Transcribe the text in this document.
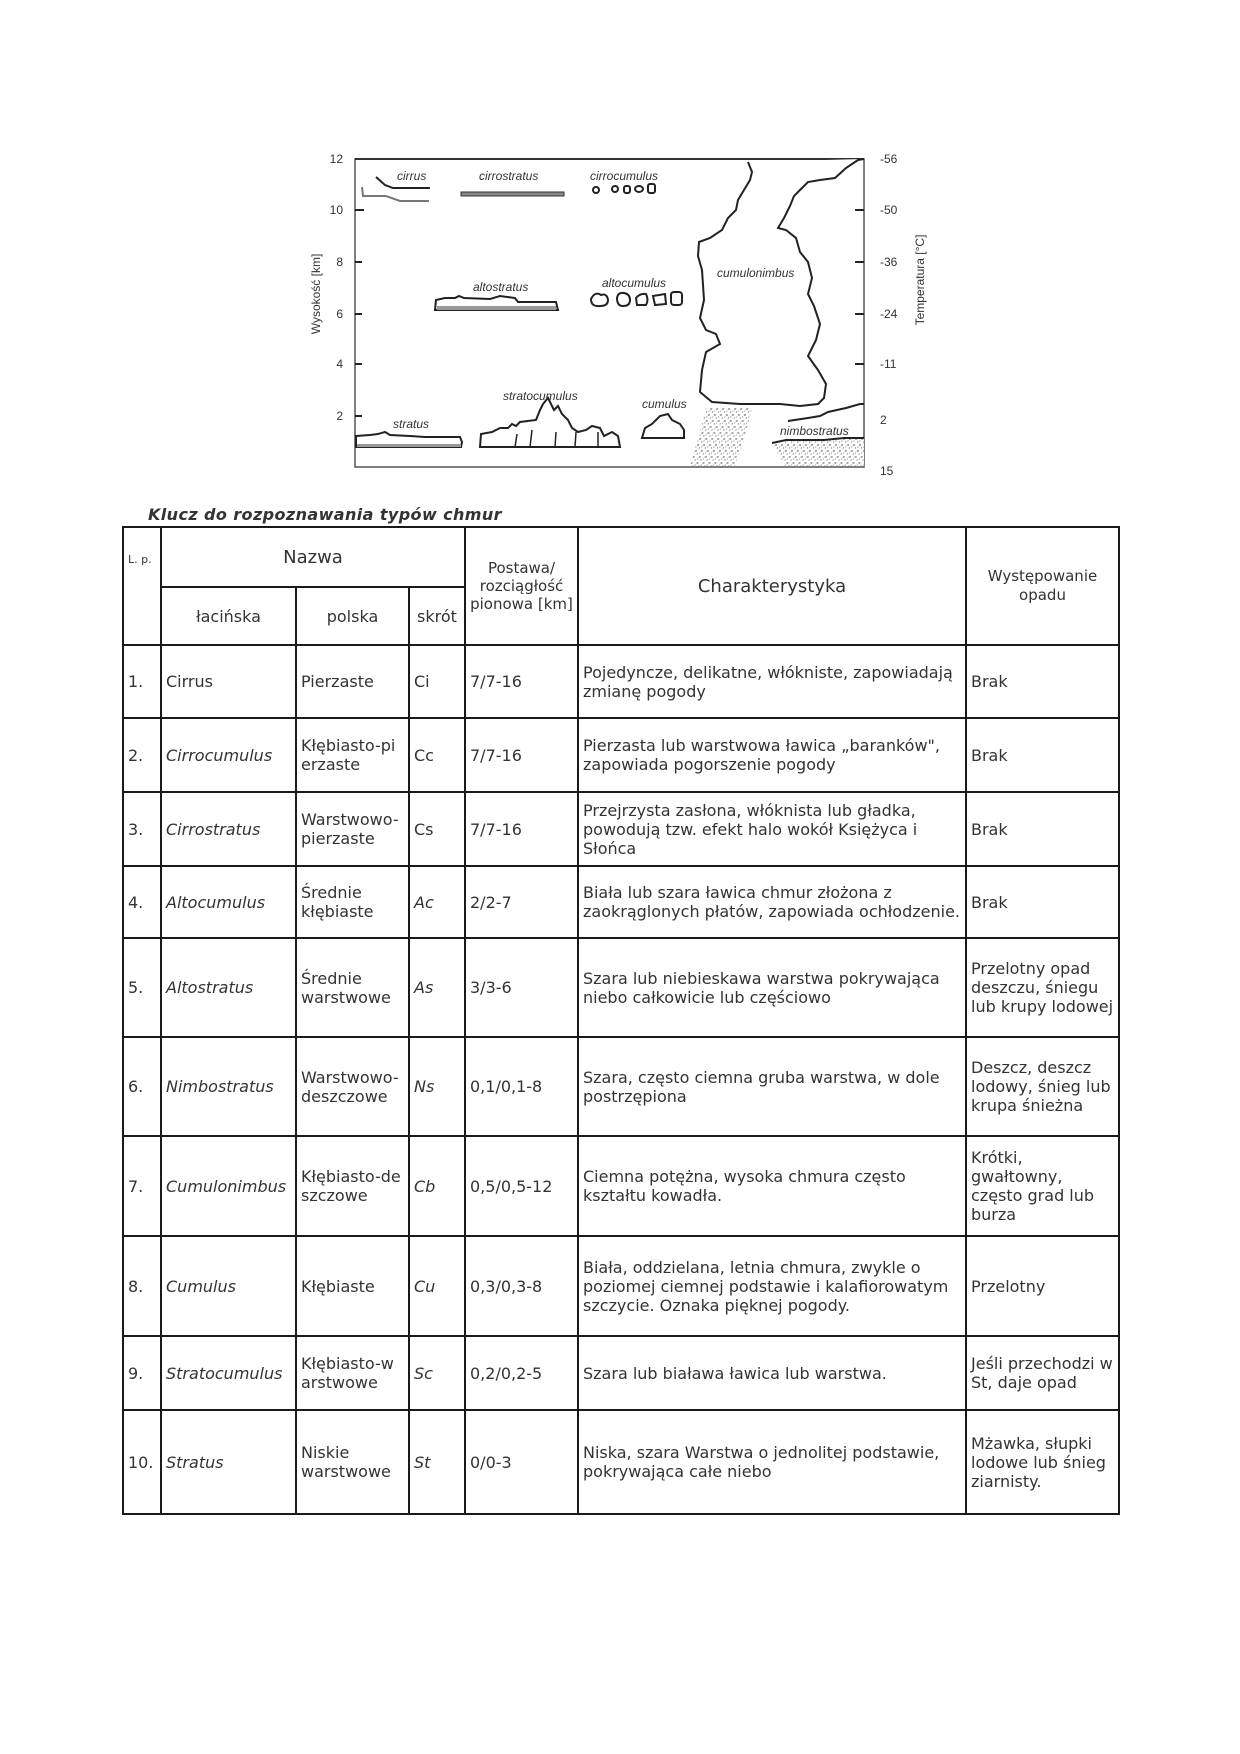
12
10
8
6
4
2
Wysokość [km]
-56
-50
-36
-24
-11
2
15
Temperatura [°C]
cirrus	cirrostratus	cirrocumulus
altostratus	altocumulus
cumulonimbus
stratus
stratocumulus
cumulus
nimbostratus
Klucz do rozpoznawania typów chmur
L. p.	Nazwa			Postawa/ rozciągłość pionowa [km]	Charakterystyka	Występowanie opadu
	łacińska	polska	skrót			
1.	Cirrus	Pierzaste	Ci	7/7-16	Pojedyncze, delikatne, włókniste, zapowiadają zmianę pogody	Brak
2.	Cirrocumulus	Kłębiasto-pi erzaste	Cc	7/7-16	Pierzasta lub warstwowa ławica „baranków", zapowiada pogorszenie pogody	Brak
3.	Cirrostratus	Warstwowo-pierzaste	Cs	7/7-16	Przejrzysta zasłona, włóknista lub gładka, powodują tzw. efekt halo wokół Księżyca i Słońca	Brak
4.	Altocumulus	Średnie kłębiaste	Ac	2/2-7	Biała lub szara ławica chmur złożona z zaokrąglonych płatów, zapowiada ochłodzenie.	Brak
5.	Altostratus	Średnie warstwowe	As	3/3-6	Szara lub niebieskawa warstwa pokrywająca niebo całkowicie lub częściowo	Przelotny opad deszczu, śniegu lub krupy lodowej
6.	Nimbostratus	Warstwowo-deszczowe	Ns	0,1/0,1-8	Szara, często ciemna gruba warstwa, w dole postrzępiona	Deszcz, deszcz lodowy, śnieg lub krupa śnieżna
7.	Cumulonimbus	Kłębiasto-de szczowe	Cb	0,5/0,5-12	Ciemna potężna, wysoka chmura często kształtu kowadła.	Krótki, gwałtowny, często grad lub burza
8.	Cumulus	Kłębiaste	Cu	0,3/0,3-8	Biała, oddzielana, letnia chmura, zwykle o poziomej ciemnej podstawie i kalafiorowatym szczycie. Oznaka pięknej pogody.	Przelotny
9.	Stratocumulus	Kłębiasto-w arstwowe	Sc	0,2/0,2-5	Szara lub biaława ławica lub warstwa.	Jeśli przechodzi w St, daje opad
10.	Stratus	Niskie warstwowe	St	0/0-3	Niska, szara Warstwa o jednolitej podstawie, pokrywająca całe niebo	Mżawka, słupki lodowe lub śnieg ziarnisty.
